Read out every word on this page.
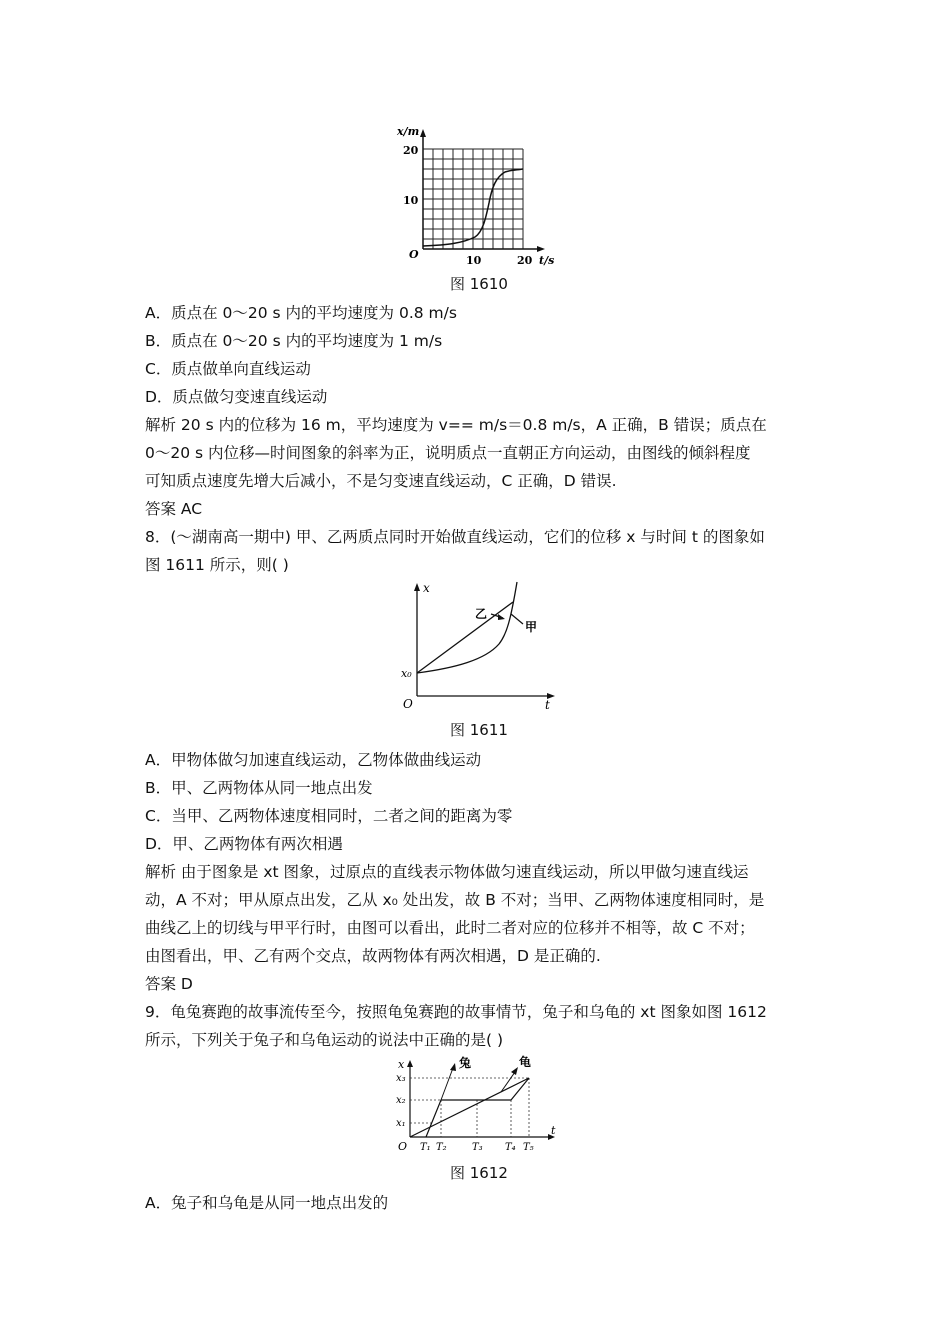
x/m
20
10
O	10	20 t/s
图 1610
A．质点在 0～20 s 内的平均速度为 0.8 m/s
B．质点在 0～20 s 内的平均速度为 1 m/s
C．质点做单向直线运动
D．质点做匀变速直线运动
解析 20 s 内的位移为 16 m，平均速度为 v== m/s＝0.8 m/s，A 正确，B 错误；质点在
0～20 s 内位移—时间图象的斜率为正，说明质点一直朝正方向运动，由图线的倾斜程度
可知质点速度先增大后减小，不是匀变速直线运动，C 正确，D 错误.
答案 AC
8．(～湖南高一期中) 甲、乙两质点同时开始做直线运动，它们的位移 x 与时间 t 的图象如
图 1611 所示，则( )
x
x₀
O	t
乙
甲
图 1611
A．甲物体做匀加速直线运动，乙物体做曲线运动
B．甲、乙两物体从同一地点出发
C．当甲、乙两物体速度相同时，二者之间的距离为零
D．甲、乙两物体有两次相遇
解析 由于图象是 xt 图象，过原点的直线表示物体做匀速直线运动，所以甲做匀速直线运
动，A 不对；甲从原点出发，乙从 x₀ 处出发，故 B 不对；当甲、乙两物体速度相同时，是
曲线乙上的切线与甲平行时，由图可以看出，此时二者对应的位移并不相等，故 C 不对；
由图看出，甲、乙有两个交点，故两物体有两次相遇，D 是正确的.
答案 D
9．龟兔赛跑的故事流传至今，按照龟兔赛跑的故事情节，兔子和乌龟的 xt 图象如图 1612
所示，下列关于兔子和乌龟运动的说法中正确的是( )
x	兔	龟
x₃
x₂
x₁
O
t
T₁ T₂	T₃ T₄ T₅
图 1612
A．兔子和乌龟是从同一地点出发的
